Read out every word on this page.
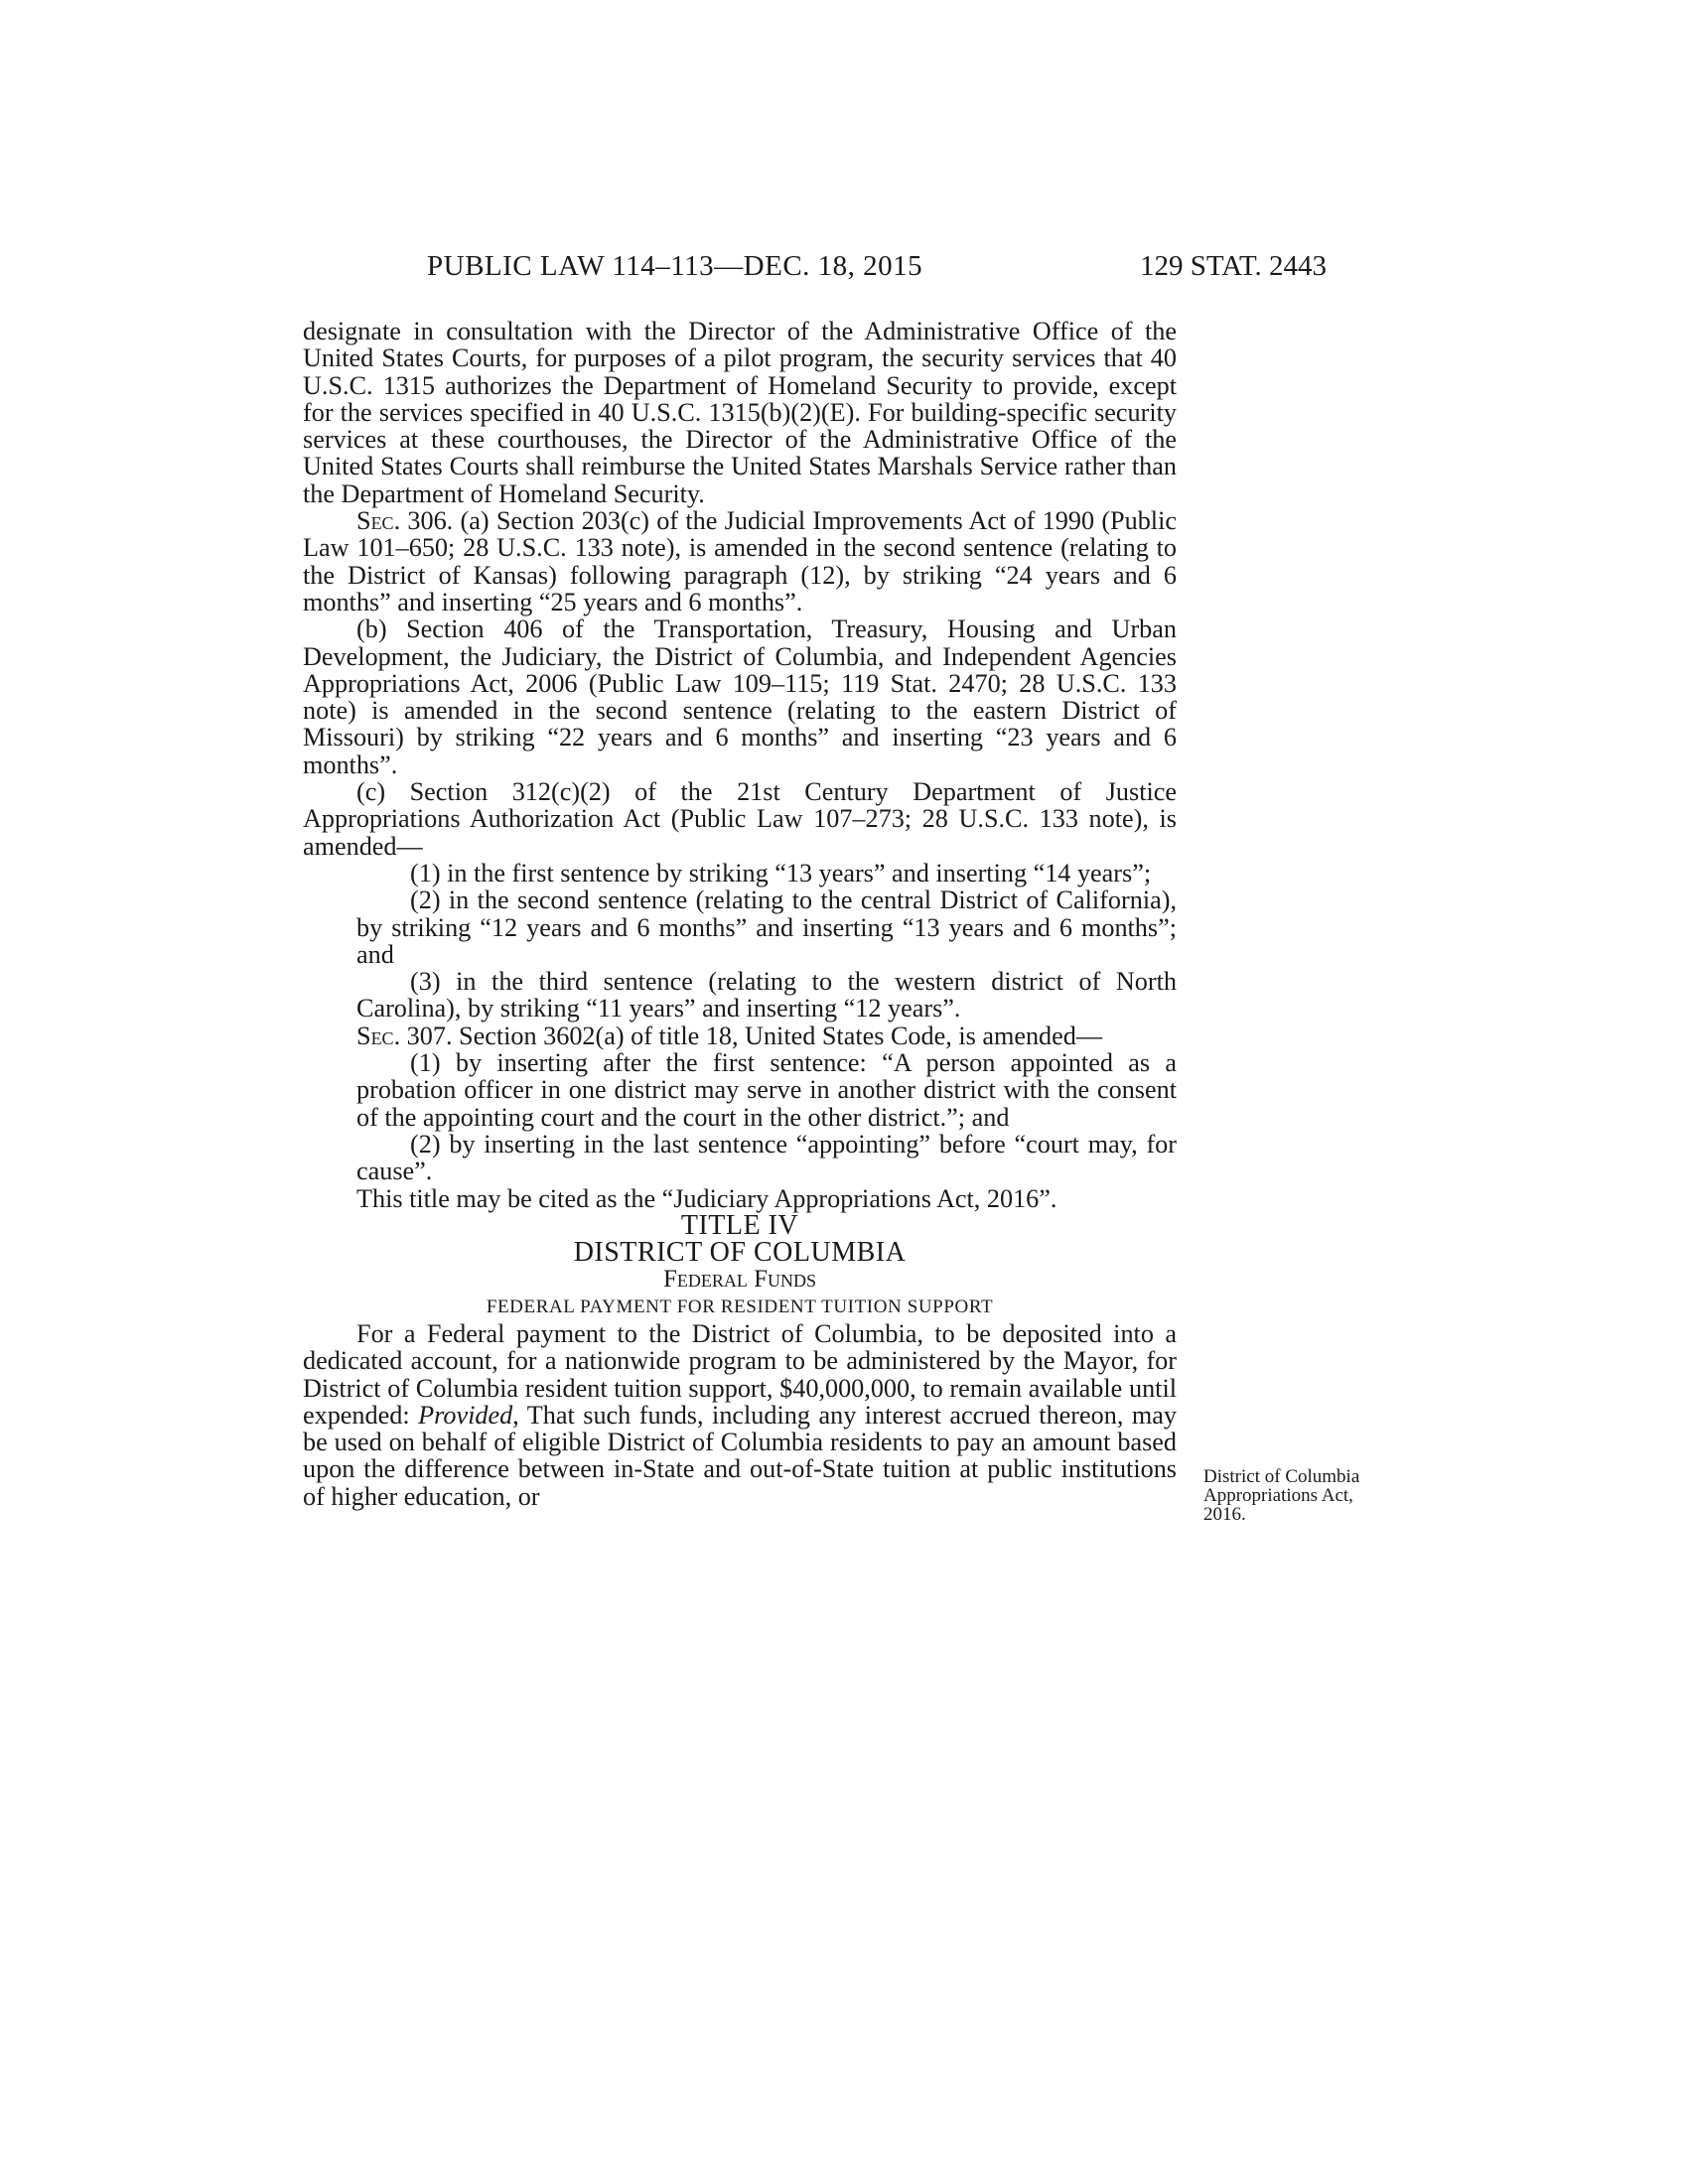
PUBLIC LAW 114–113—DEC. 18, 2015	129 STAT. 2443

designate in consultation with the Director of the Administrative Office of the United States Courts, for purposes of a pilot program, the security services that 40 U.S.C. 1315 authorizes the Department of Homeland Security to provide, except for the services specified in 40 U.S.C. 1315(b)(2)(E). For building-specific security services at these courthouses, the Director of the Administrative Office of the United States Courts shall reimburse the United States Marshals Service rather than the Department of Homeland Security.

Sec. 306. (a) Section 203(c) of the Judicial Improvements Act of 1990 (Public Law 101–650; 28 U.S.C. 133 note), is amended in the second sentence (relating to the District of Kansas) following paragraph (12), by striking “24 years and 6 months” and inserting “25 years and 6 months”.

(b) Section 406 of the Transportation, Treasury, Housing and Urban Development, the Judiciary, the District of Columbia, and Independent Agencies Appropriations Act, 2006 (Public Law 109–115; 119 Stat. 2470; 28 U.S.C. 133 note) is amended in the second sentence (relating to the eastern District of Missouri) by striking “22 years and 6 months” and inserting “23 years and 6 months”.

(c) Section 312(c)(2) of the 21st Century Department of Justice Appropriations Authorization Act (Public Law 107–273; 28 U.S.C. 133 note), is amended—

(1) in the first sentence by striking “13 years” and inserting “14 years”;

(2) in the second sentence (relating to the central District of California), by striking “12 years and 6 months” and inserting “13 years and 6 months”; and

(3) in the third sentence (relating to the western district of North Carolina), by striking “11 years” and inserting “12 years”.

Sec. 307. Section 3602(a) of title 18, United States Code, is amended—

(1) by inserting after the first sentence: “A person appointed as a probation officer in one district may serve in another district with the consent of the appointing court and the court in the other district.”; and

(2) by inserting in the last sentence “appointing” before “court may, for cause”.

This title may be cited as the “Judiciary Appropriations Act, 2016”.

TITLE IV

DISTRICT OF COLUMBIA

Federal Funds

FEDERAL PAYMENT FOR RESIDENT TUITION SUPPORT

For a Federal payment to the District of Columbia, to be deposited into a dedicated account, for a nationwide program to be administered by the Mayor, for District of Columbia resident tuition support, $40,000,000, to remain available until expended: Provided, That such funds, including any interest accrued thereon, may be used on behalf of eligible District of Columbia residents to pay an amount based upon the difference between in-State and out-of-State tuition at public institutions of higher education, or

District of Columbia Appropriations Act, 2016.
